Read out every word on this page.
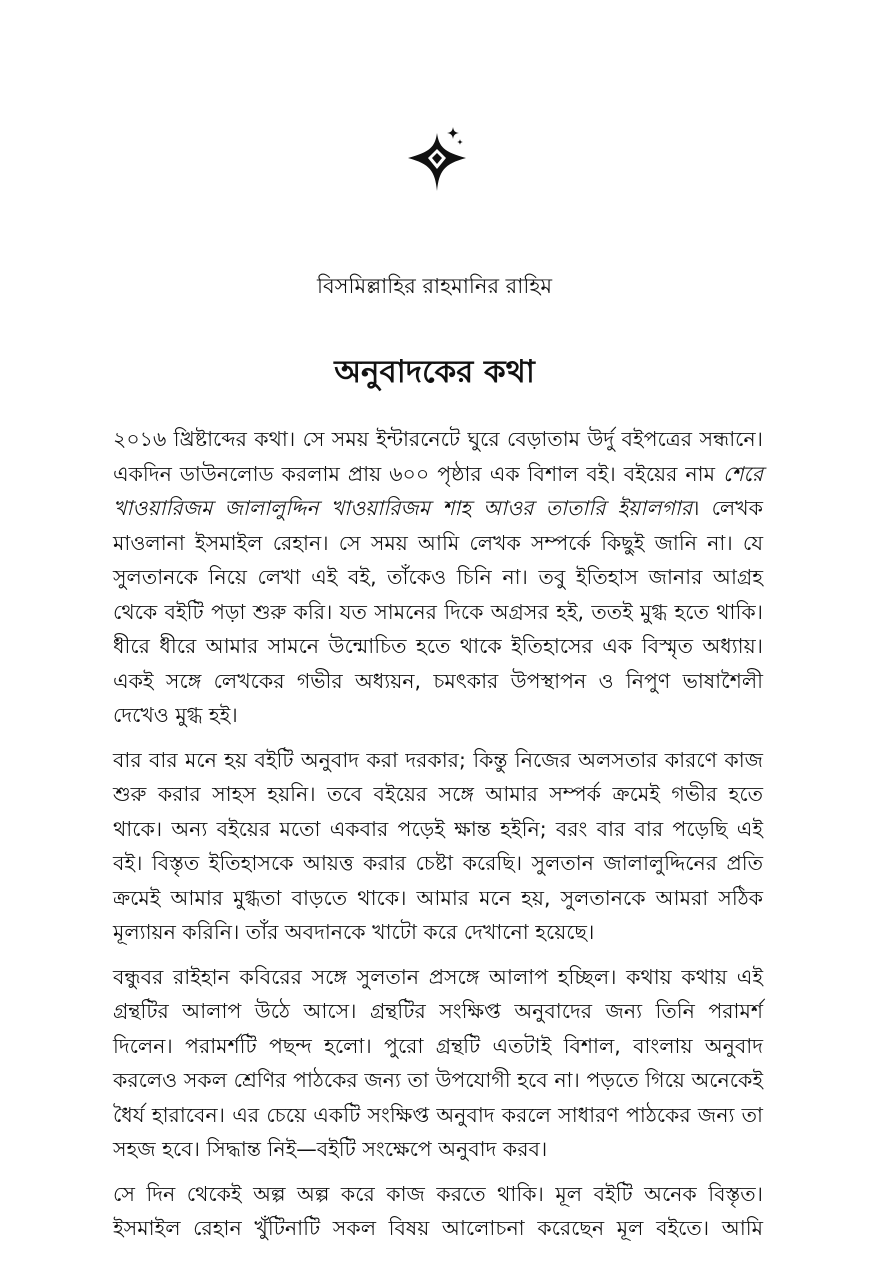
বিসমিল্লাহির রাহমানির রাহিম
অনুবাদকের কথা

২০১৬ খ্রিষ্টাব্দের কথা। সে সময় ইন্টারনেটে ঘুরে বেড়াতাম উর্দু বইপত্রের সন্ধানে। একদিন ডাউনলোড করলাম প্রায় ৬০০ পৃষ্ঠার এক বিশাল বই। বইয়ের নাম শেরে খাওয়ারিজম জালালুদ্দিন খাওয়ারিজম শাহ আওর তাতারি ইয়ালগার। লেখক মাওলানা ইসমাইল রেহান। সে সময় আমি লেখক সম্পর্কে কিছুই জানি না। যে সুলতানকে নিয়ে লেখা এই বই, তাঁকেও চিনি না। তবু ইতিহাস জানার আগ্রহ থেকে বইটি পড়া শুরু করি। যত সামনের দিকে অগ্রসর হই, ততই মুগ্ধ হতে থাকি। ধীরে ধীরে আমার সামনে উন্মোচিত হতে থাকে ইতিহাসের এক বিস্মৃত অধ্যায়। একই সঙ্গে লেখকের গভীর অধ্যয়ন, চমৎকার উপস্থাপন ও নিপুণ ভাষাশৈলী দেখেও মুগ্ধ হই।

বার বার মনে হয় বইটি অনুবাদ করা দরকার; কিন্তু নিজের অলসতার কারণে কাজ শুরু করার সাহস হয়নি। তবে বইয়ের সঙ্গে আমার সম্পর্ক ক্রমেই গভীর হতে থাকে। অন্য বইয়ের মতো একবার পড়েই ক্ষান্ত হইনি; বরং বার বার পড়েছি এই বই। বিস্তৃত ইতিহাসকে আয়ত্ত করার চেষ্টা করেছি। সুলতান জালালুদ্দিনের প্রতি ক্রমেই আমার মুগ্ধতা বাড়তে থাকে। আমার মনে হয়, সুলতানকে আমরা সঠিক মূল্যায়ন করিনি। তাঁর অবদানকে খাটো করে দেখানো হয়েছে।

বন্ধুবর রাইহান কবিরের সঙ্গে সুলতান প্রসঙ্গে আলাপ হচ্ছিল। কথায় কথায় এই গ্রন্থটির আলাপ উঠে আসে। গ্রন্থটির সংক্ষিপ্ত অনুবাদের জন্য তিনি পরামর্শ দিলেন। পরামর্শটি পছন্দ হলো। পুরো গ্রন্থটি এতটাই বিশাল, বাংলায় অনুবাদ করলেও সকল শ্রেণির পাঠকের জন্য তা উপযোগী হবে না। পড়তে গিয়ে অনেকেই ধৈর্য হারাবেন। এর চেয়ে একটি সংক্ষিপ্ত অনুবাদ করলে সাধারণ পাঠকের জন্য তা সহজ হবে। সিদ্ধান্ত নিই—বইটি সংক্ষেপে অনুবাদ করব।

সে দিন থেকেই অল্প অল্প করে কাজ করতে থাকি। মূল বইটি অনেক বিস্তৃত। ইসমাইল রেহান খুঁটিনাটি সকল বিষয় আলোচনা করেছেন মূল বইতে। আমি
